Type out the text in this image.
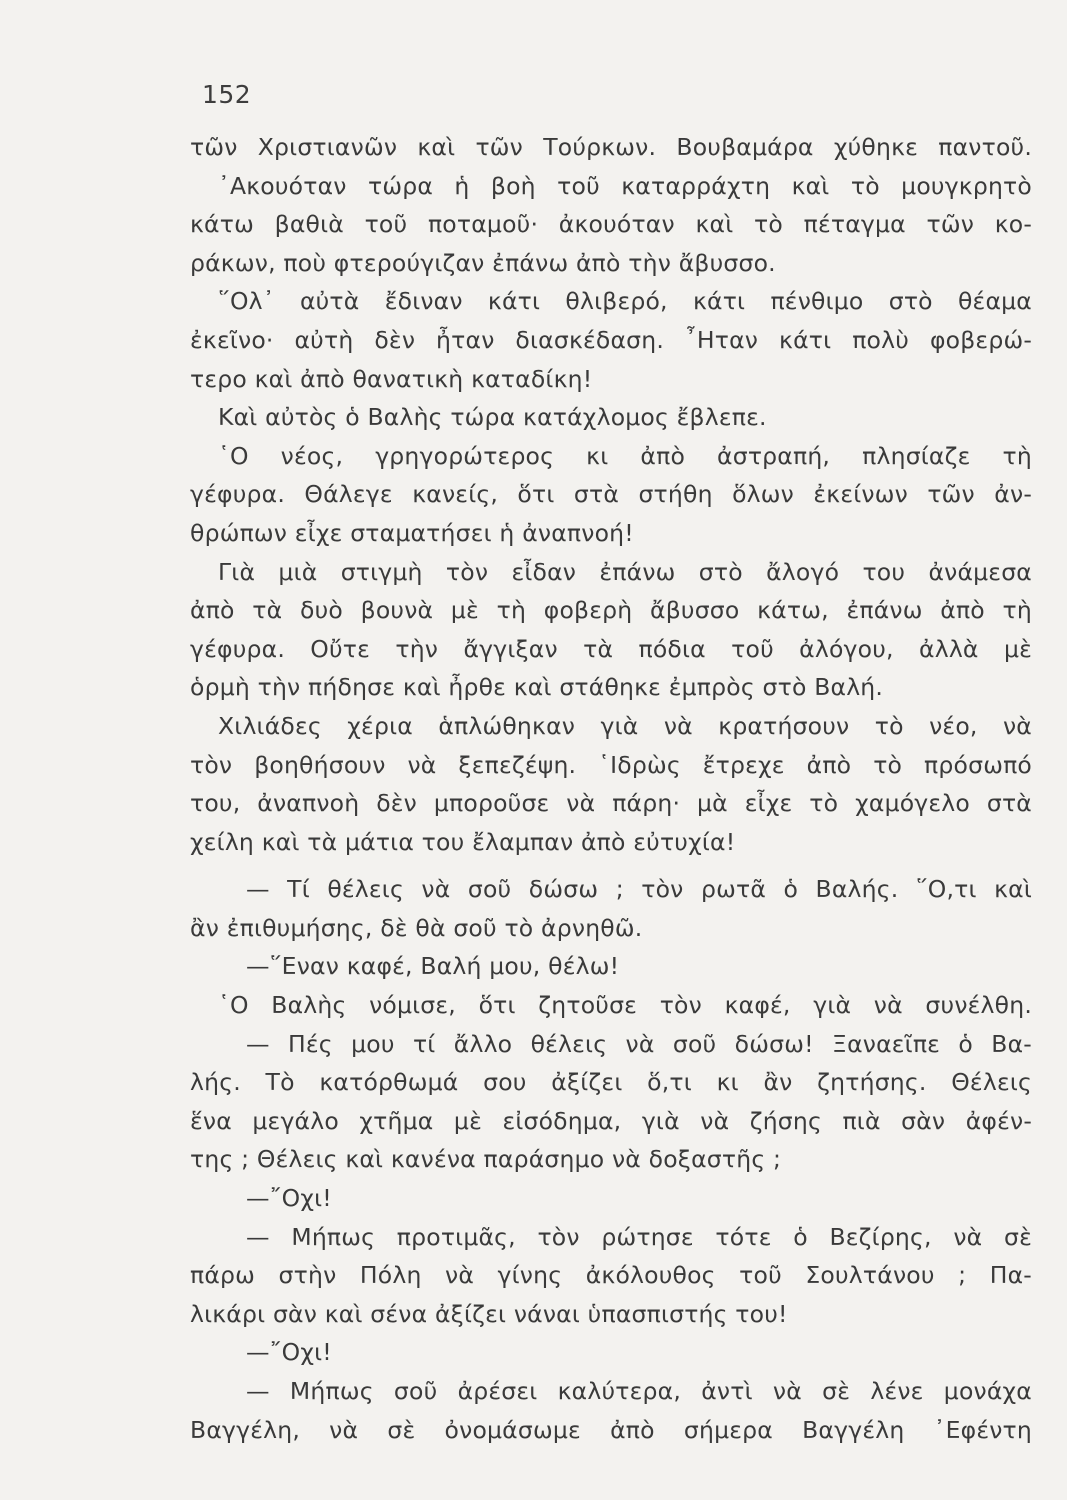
152
τῶν Χριστιανῶν καὶ τῶν Τούρκων. Βουβαμάρα χύθηκε παντοῦ.
᾿Ακουόταν τώρα ἡ βοὴ τοῦ καταρράχτη καὶ τὸ μουγκρητὸ
κάτω βαθιὰ τοῦ ποταμοῦ· ἀκουόταν καὶ τὸ πέταγμα τῶν κο-
ράκων, ποὺ φτερούγιζαν ἐπάνω ἀπὸ τὴν ἄβυσσο.
῞Ολ᾿ αὐτὰ ἔδιναν κάτι θλιβερό, κάτι πένθιμο στὸ θέαμα
ἐκεῖνο· αὐτὴ δὲν ἦταν διασκέδαση. ῏Ηταν κάτι πολὺ φοβερώ-
τερο καὶ ἀπὸ θανατικὴ καταδίκη!
Καὶ αὐτὸς ὁ Βαλὴς τώρα κατάχλομος ἔβλεπε.
῾Ο νέος, γρηγορώτερος κι ἀπὸ ἀστραπή, πλησίαζε τὴ
γέφυρα. Θάλεγε κανείς, ὅτι στὰ στήθη ὅλων ἐκείνων τῶν ἀν-
θρώπων εἶχε σταματήσει ἡ ἀναπνοή!
Γιὰ μιὰ στιγμὴ τὸν εἶδαν ἐπάνω στὸ ἄλογό του ἀνάμεσα
ἀπὸ τὰ δυὸ βουνὰ μὲ τὴ φοβερὴ ἄβυσσο κάτω, ἐπάνω ἀπὸ τὴ
γέφυρα. Οὔτε τὴν ἄγγιξαν τὰ πόδια τοῦ ἀλόγου, ἀλλὰ μὲ
ὁρμὴ τὴν πήδησε καὶ ἦρθε καὶ στάθηκε ἐμπρὸς στὸ Βαλή.
Χιλιάδες χέρια ἁπλώθηκαν γιὰ νὰ κρατήσουν τὸ νέο, νὰ
τὸν βοηθήσουν νὰ ξεπεζέψη. ῾Ιδρὼς ἔτρεχε ἀπὸ τὸ πρόσωπό
του, ἀναπνοὴ δὲν μποροῦσε νὰ πάρη· μὰ εἶχε τὸ χαμόγελο στὰ
χείλη καὶ τὰ μάτια του ἔλαμπαν ἀπὸ εὐτυχία!
— Τί θέλεις νὰ σοῦ δώσω ; τὸν ρωτᾶ ὁ Βαλής. ῞Ο,τι καὶ
ἂν ἐπιθυμήσης, δὲ θὰ σοῦ τὸ ἀρνηθῶ.
—῞Εναν καφέ, Βαλή μου, θέλω!
῾Ο Βαλὴς νόμισε, ὅτι ζητοῦσε τὸν καφέ, γιὰ νὰ συνέλθη.
— Πές μου τί ἄλλο θέλεις νὰ σοῦ δώσω! Ξαναεῖπε ὁ Βα-
λής. Τὸ κατόρθωμά σου ἀξίζει ὅ,τι κι ἂν ζητήσης. Θέλεις
ἕνα μεγάλο χτῆμα μὲ εἰσόδημα, γιὰ νὰ ζήσης πιὰ σὰν ἀφέν-
της ; Θέλεις καὶ κανένα παράσημο νὰ δοξαστῆς ;
—῎Οχι!
— Μήπως προτιμᾶς, τὸν ρώτησε τότε ὁ Βεζίρης, νὰ σὲ
πάρω στὴν Πόλη νὰ γίνης ἀκόλουθος τοῦ Σουλτάνου ; Πα-
λικάρι σὰν καὶ σένα ἀξίζει νάναι ὑπασπιστής του!
—῎Οχι!
— Μήπως σοῦ ἀρέσει καλύτερα, ἀντὶ νὰ σὲ λένε μονάχα
Βαγγέλη, νὰ σὲ ὀνομάσωμε ἀπὸ σήμερα Βαγγέλη ᾿Εφέντη
